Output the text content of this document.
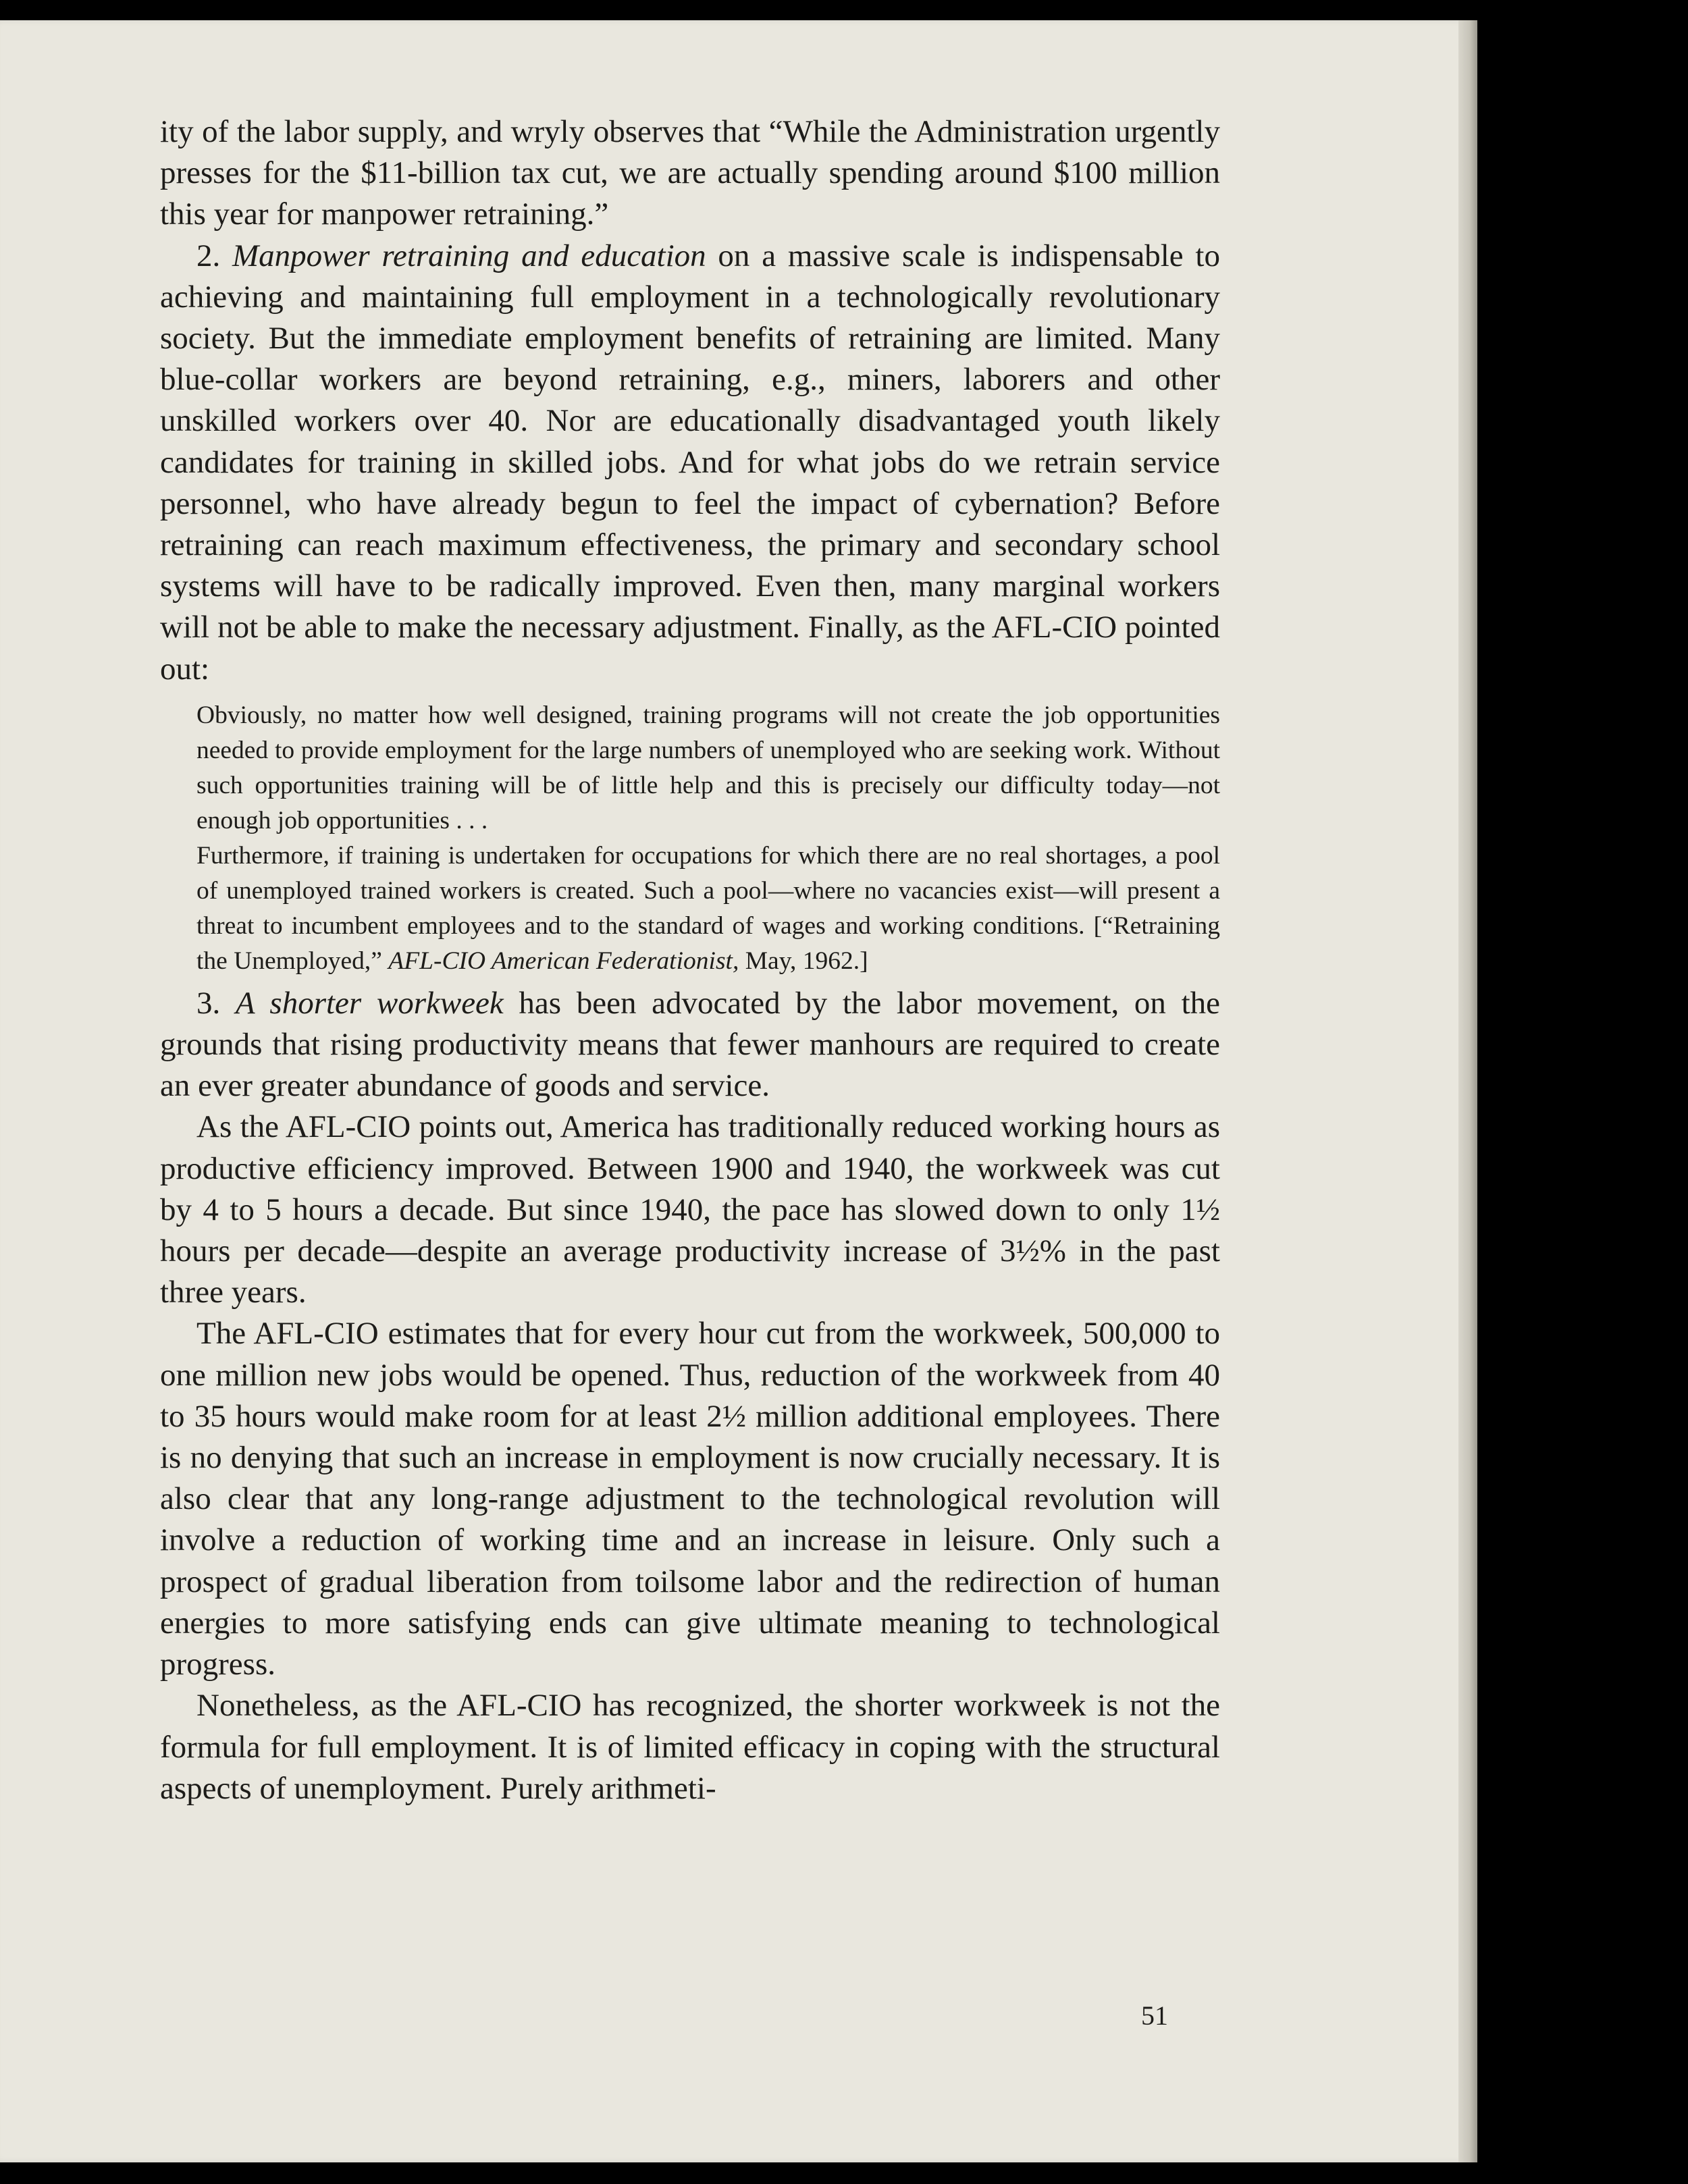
ity of the labor supply, and wryly observes that “While the Administration urgently presses for the $11-billion tax cut, we are actually spending around $100 million this year for manpower retraining.”

2. Manpower retraining and education on a massive scale is indispensable to achieving and maintaining full employment in a technologically revolutionary society. But the immediate employment benefits of retraining are limited. Many blue-collar workers are beyond retraining, e.g., miners, laborers and other unskilled workers over 40. Nor are educationally disadvantaged youth likely candidates for training in skilled jobs. And for what jobs do we retrain service personnel, who have already begun to feel the impact of cybernation? Before retraining can reach maximum effectiveness, the primary and secondary school systems will have to be radically improved. Even then, many marginal workers will not be able to make the necessary adjustment. Finally, as the AFL-CIO pointed out:

Obviously, no matter how well designed, training programs will not create the job opportunities needed to provide employment for the large numbers of unemployed who are seeking work. Without such opportunities training will be of little help and this is precisely our difficulty today—not enough job opportunities . . .

Furthermore, if training is undertaken for occupations for which there are no real shortages, a pool of unemployed trained workers is created. Such a pool—where no vacancies exist—will present a threat to incumbent employees and to the standard of wages and working conditions. [“Retraining the Unemployed,” AFL-CIO American Federationist, May, 1962.]

3. A shorter workweek has been advocated by the labor movement, on the grounds that rising productivity means that fewer manhours are required to create an ever greater abundance of goods and service.

As the AFL-CIO points out, America has traditionally reduced working hours as productive efficiency improved. Between 1900 and 1940, the workweek was cut by 4 to 5 hours a decade. But since 1940, the pace has slowed down to only 1½ hours per decade—despite an average productivity increase of 3½% in the past three years.

The AFL-CIO estimates that for every hour cut from the workweek, 500,000 to one million new jobs would be opened. Thus, reduction of the workweek from 40 to 35 hours would make room for at least 2½ million additional employees. There is no denying that such an increase in employment is now crucially necessary. It is also clear that any long-range adjustment to the technological revolution will involve a reduction of working time and an increase in leisure. Only such a prospect of gradual liberation from toilsome labor and the redirection of human energies to more satisfying ends can give ultimate meaning to technological progress.

Nonetheless, as the AFL-CIO has recognized, the shorter workweek is not the formula for full employment. It is of limited efficacy in coping with the structural aspects of unemployment. Purely arithmeti-

51
